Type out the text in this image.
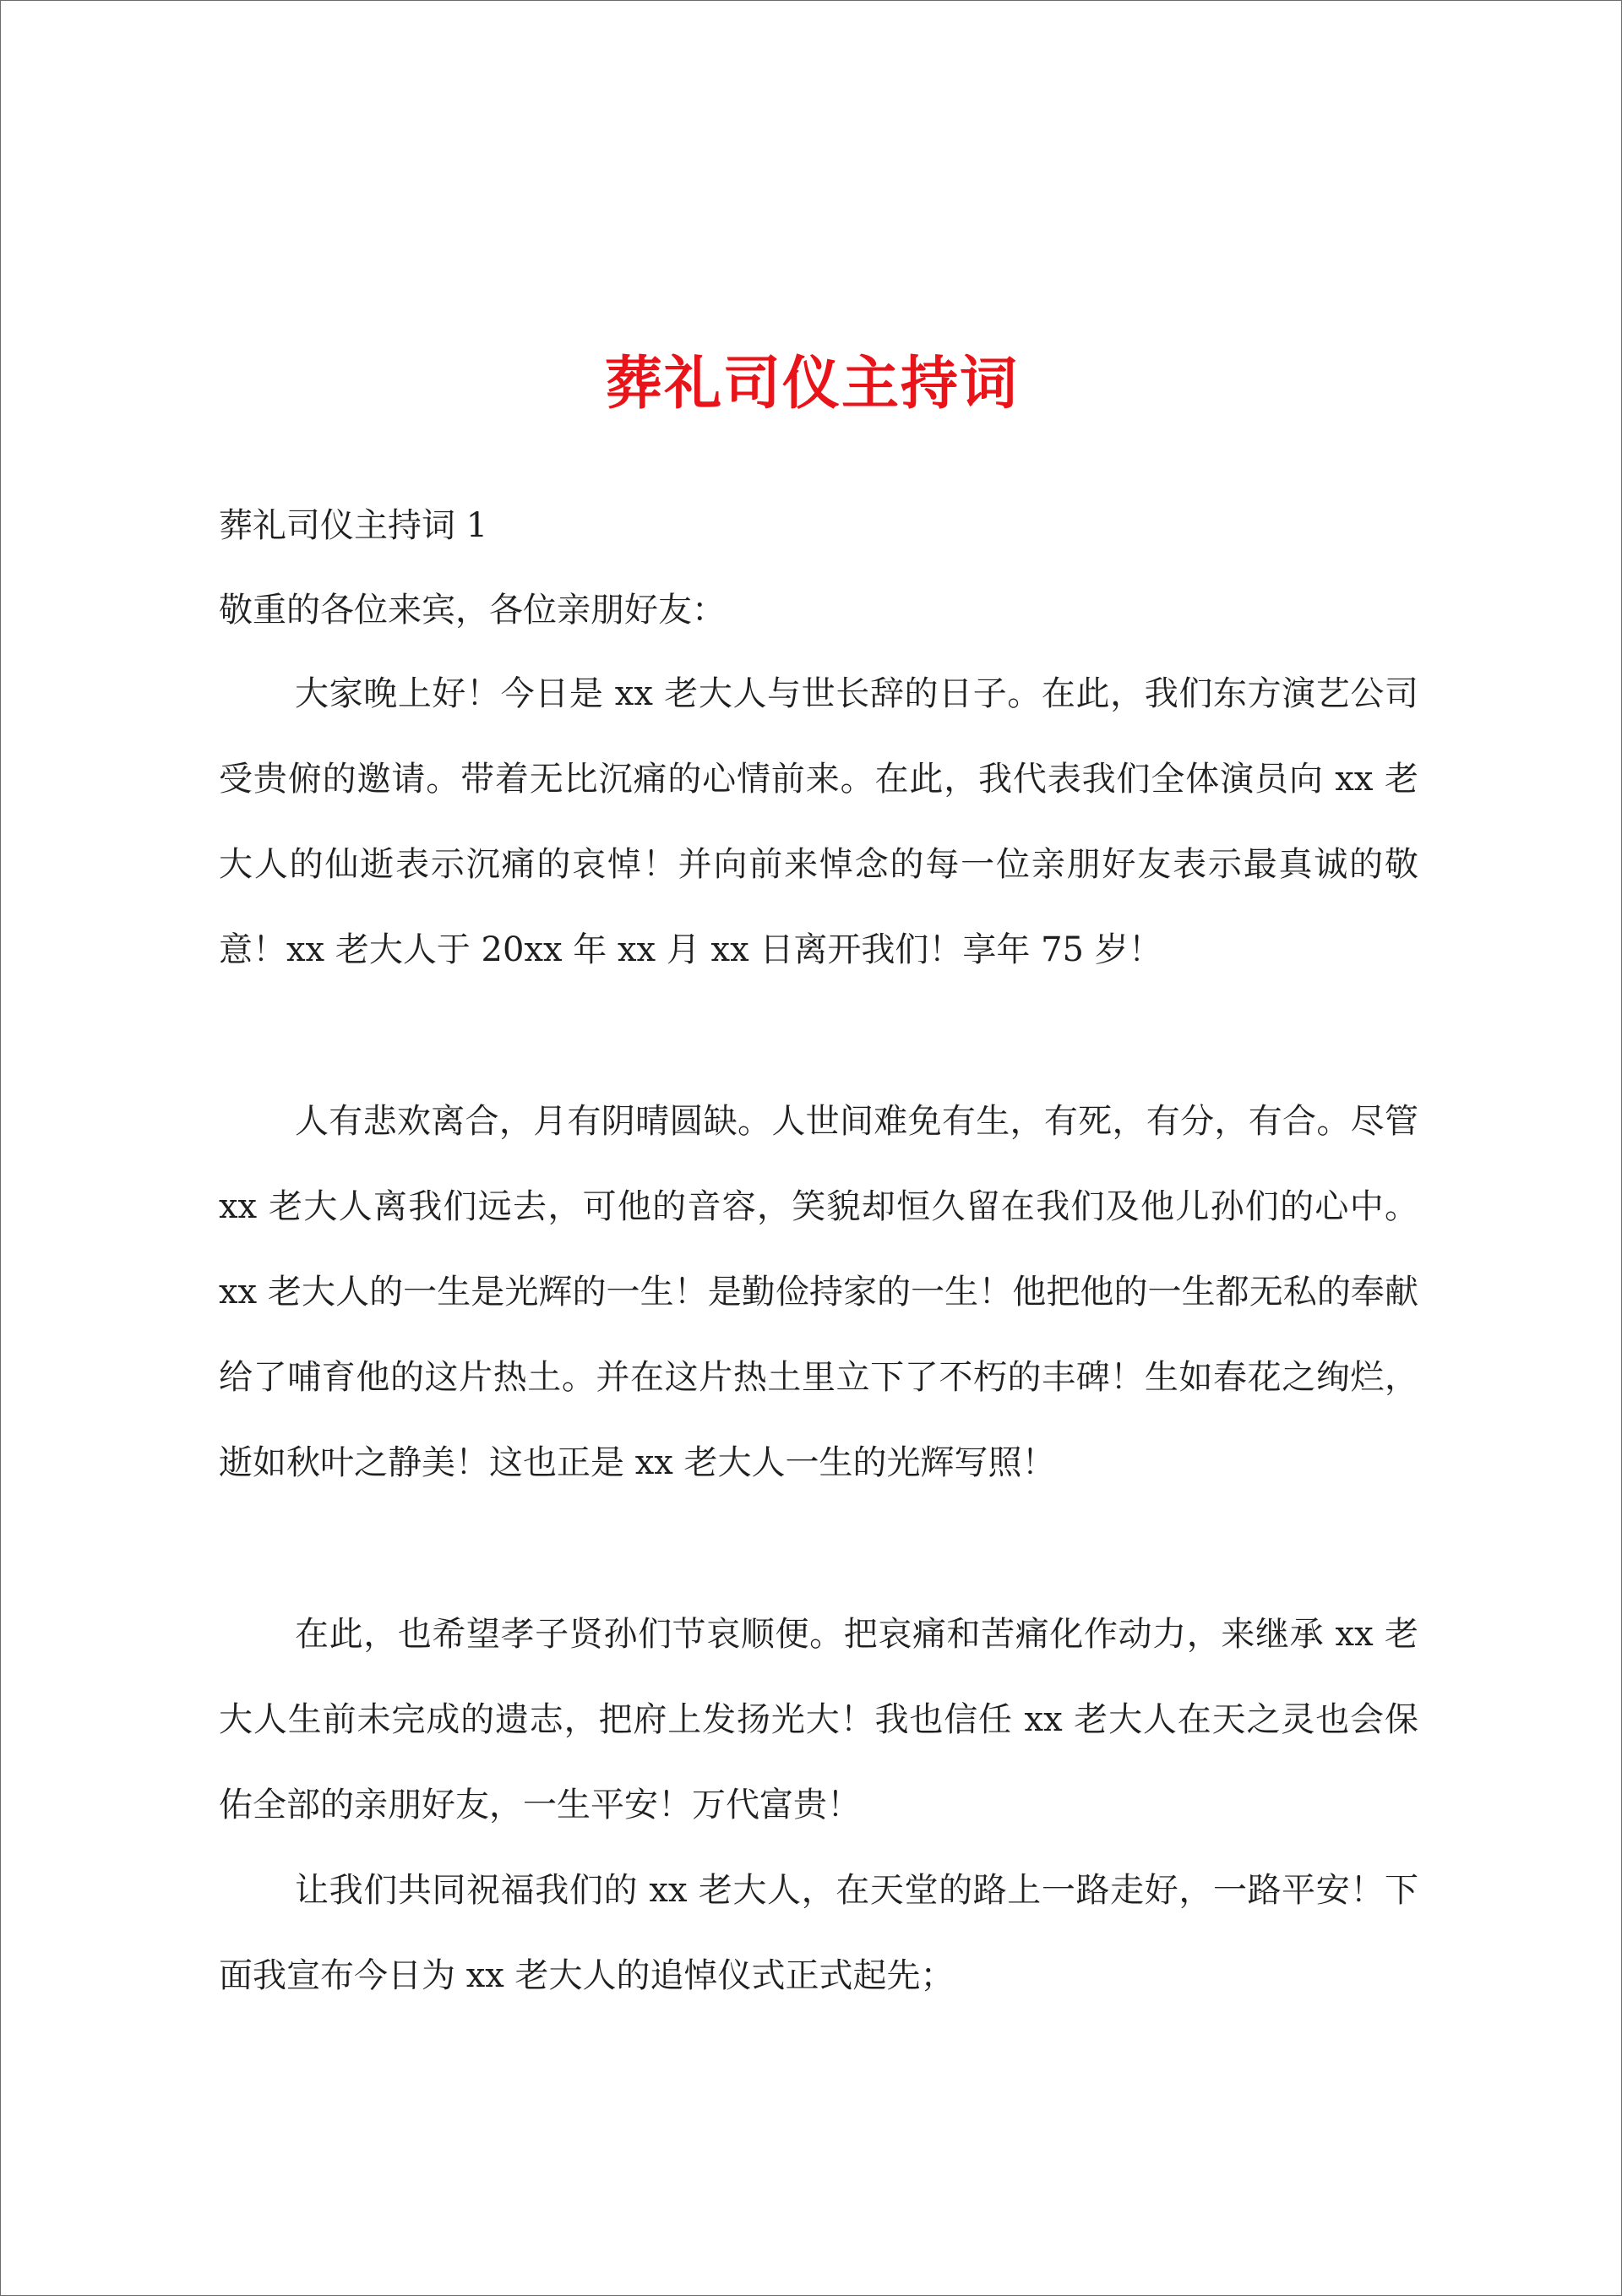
葬礼司仪主持词
葬礼司仪主持词 1
敬重的各位来宾，各位亲朋好友：

大家晚上好！今日是 xx 老大人与世长辞的日子。在此，我们东方演艺公司受贵俯的邀请。带着无比沉痛的心情前来。在此，我代表我们全体演员向 xx 老大人的仙逝表示沉痛的哀悼！并向前来悼念的每一位亲朋好友表示最真诚的敬意！xx 老大人于 20xx 年 xx 月 xx 日离开我们！享年 75 岁！

人有悲欢离合，月有阴晴圆缺。人世间难免有生，有死，有分，有合。尽管 xx 老大人离我们远去，可他的音容，笑貌却恒久留在我们及他儿孙们的心中。xx 老大人的一生是光辉的一生！是勤俭持家的一生！他把他的一生都无私的奉献给了哺育他的这片热土。并在这片热土里立下了不朽的丰碑！生如春花之绚烂，逝如秋叶之静美！这也正是 xx 老大人一生的光辉写照！

在此，也希望孝子贤孙们节哀顺便。把哀痛和苦痛化作动力，来继承 xx 老大人生前未完成的遗志，把府上发扬光大！我也信任 xx 老大人在天之灵也会保佑全部的亲朋好友，一生平安！万代富贵！

让我们共同祝福我们的 xx 老大人，在天堂的路上一路走好，一路平安！下面我宣布今日为 xx 老大人的追悼仪式正式起先；
